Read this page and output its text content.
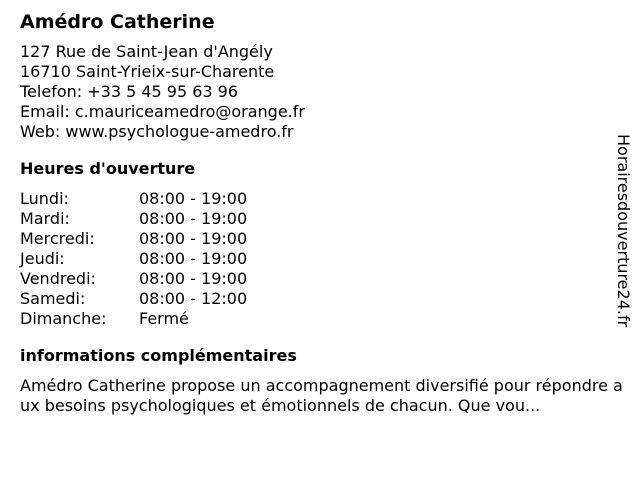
Amédro Catherine
127 Rue de Saint-Jean d'Angély
16710 Saint-Yrieix-sur-Charente
Telefon: +33 5 45 95 63 96
Email: c.mauriceamedro@orange.fr
Web: www.psychologue-amedro.fr
Heures d'ouverture
Lundi:	08:00 - 19:00
Mardi:	08:00 - 19:00
Mercredi:	08:00 - 19:00
Jeudi:	08:00 - 19:00
Vendredi:	08:00 - 19:00
Samedi:	08:00 - 12:00
Dimanche:	Fermé
informations complémentaires
Amédro Catherine propose un accompagnement diversifié pour répondre aux besoins psychologiques et émotionnels de chacun. Que vou...
Horairesdouverture24.fr
